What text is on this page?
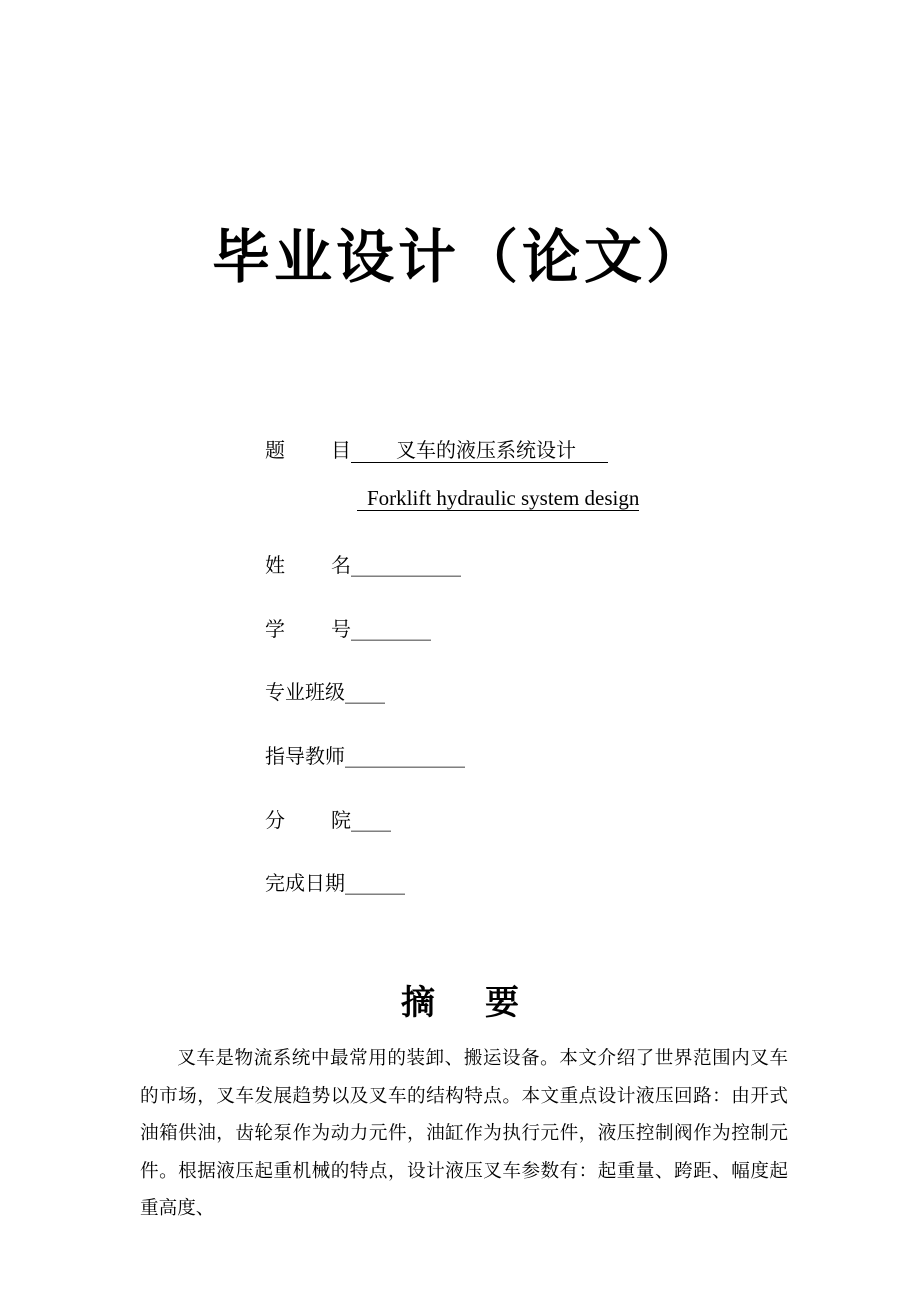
毕业设计（论文）
题 目 叉车的液压系统设计
Forklift hydraulic system design
姓 名___________
学 号________
专业班级____
指导教师____________
分 院____
完成日期______
摘 要

叉车是物流系统中最常用的装卸、搬运设备。本文介绍了世界范围内叉车的市场，叉车发展趋势以及叉车的结构特点。本文重点设计液压回路：由开式油箱供油，齿轮泵作为动力元件，油缸作为执行元件，液压控制阀作为控制元件。根据液压起重机械的特点，设计液压叉车参数有：起重量、跨距、幅度起重高度、
